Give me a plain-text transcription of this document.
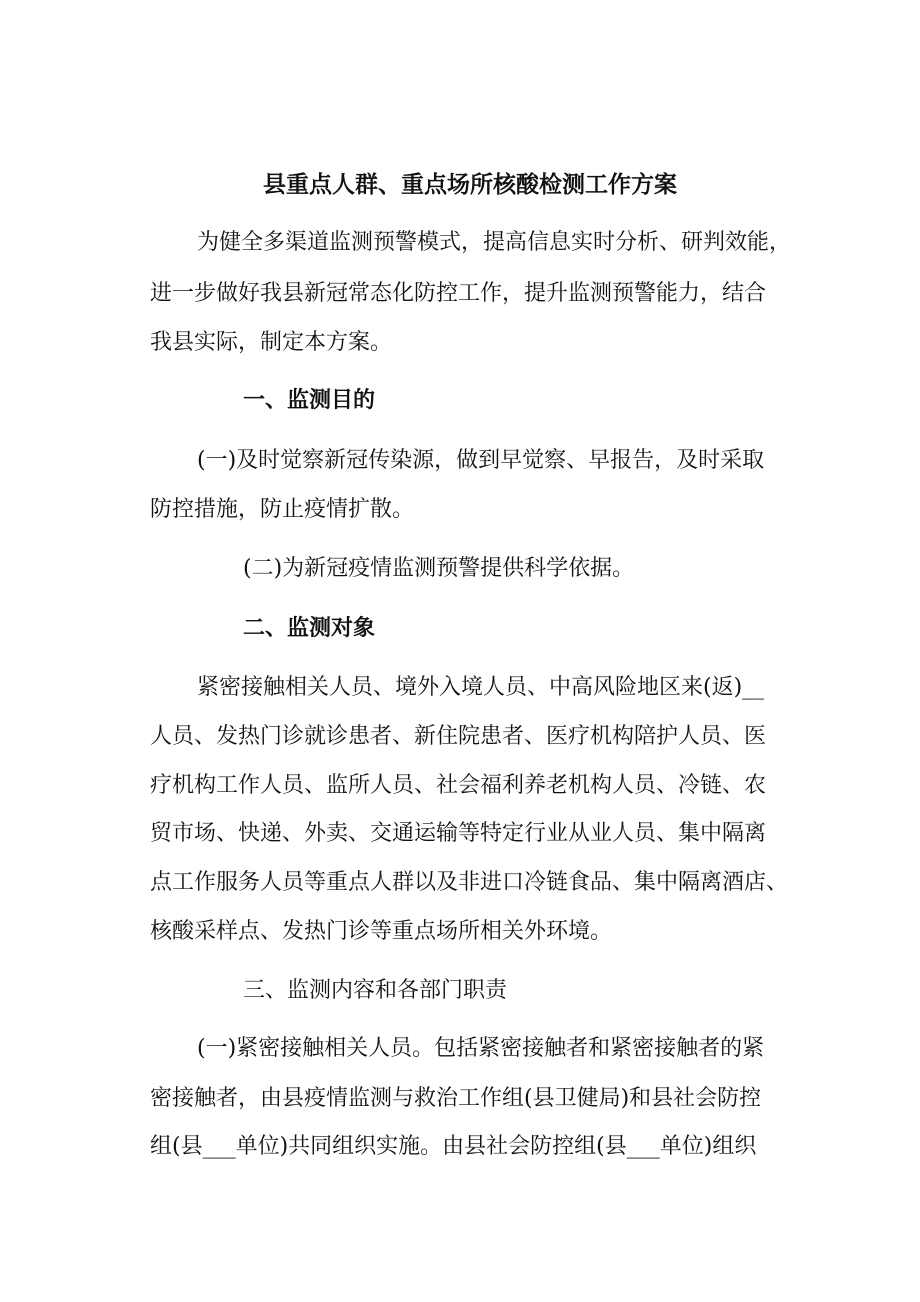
县重点人群、重点场所核酸检测工作方案

为健全多渠道监测预警模式，提高信息实时分析、研判效能，

进一步做好我县新冠常态化防控工作，提升监测预警能力，结合

我县实际，制定本方案。

一、监测目的

(一)及时觉察新冠传染源，做到早觉察、早报告，及时采取

防控措施，防止疫情扩散。

(二)为新冠疫情监测预警提供科学依据。

二、监测对象

紧密接触相关人员、境外入境人员、中高风险地区来(返)__

人员、发热门诊就诊患者、新住院患者、医疗机构陪护人员、医

疗机构工作人员、监所人员、社会福利养老机构人员、冷链、农

贸市场、快递、外卖、交通运输等特定行业从业人员、集中隔离

点工作服务人员等重点人群以及非进口冷链食品、集中隔离酒店、

核酸采样点、发热门诊等重点场所相关外环境。

三、监测内容和各部门职责

(一)紧密接触相关人员。包括紧密接触者和紧密接触者的紧

密接触者，由县疫情监测与救治工作组(县卫健局)和县社会防控

组(县___单位)共同组织实施。由县社会防控组(县___单位)组织
